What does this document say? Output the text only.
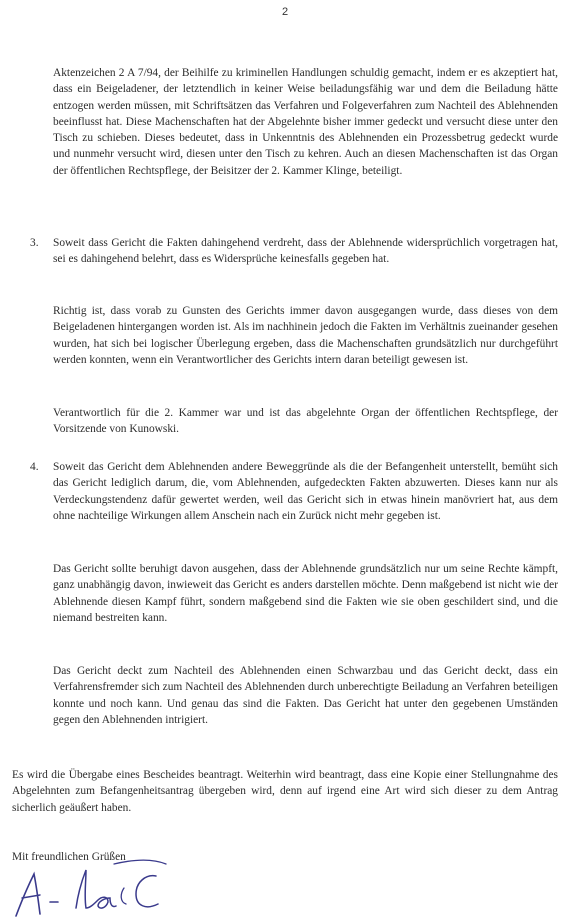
2

Aktenzeichen 2 A 7/94, der Beihilfe zu kriminellen Handlungen schuldig gemacht, indem er es akzeptiert hat, dass ein Beigeladener, der letztendlich in keiner Weise beiladungsfähig war und dem die Beiladung hätte entzogen werden müssen, mit Schriftsätzen das Verfahren und Folgeverfahren zum Nachteil des Ablehnenden beeinflusst hat. Diese Machenschaften hat der Abgelehnte bisher immer gedeckt und versucht diese unter den Tisch zu schieben. Dieses bedeutet, dass in Unkenntnis des Ablehnenden ein Prozessbetrug gedeckt wurde und nunmehr versucht wird, diesen unter den Tisch zu kehren. Auch an diesen Machenschaften ist das Organ der öffentlichen Rechtspflege, der Beisitzer der 2. Kammer Klinge, beteiligt.

3. Soweit dass Gericht die Fakten dahingehend verdreht, dass der Ablehnende widersprüchlich vorgetragen hat, sei es dahingehend belehrt, dass es Widersprüche keinesfalls gegeben hat.

Richtig ist, dass vorab zu Gunsten des Gerichts immer davon ausgegangen wurde, dass dieses von dem Beigeladenen hintergangen worden ist. Als im nachhinein jedoch die Fakten im Verhältnis zueinander gesehen wurden, hat sich bei logischer Überlegung ergeben, dass die Machenschaften grundsätzlich nur durchgeführt werden konnten, wenn ein Verantwortlicher des Gerichts intern daran beteiligt gewesen ist.

Verantwortlich für die 2. Kammer war und ist das abgelehnte Organ der öffentlichen Rechtspflege, der Vorsitzende von Kunowski.

4. Soweit das Gericht dem Ablehnenden andere Beweggründe als die der Befangenheit unterstellt, bemüht sich das Gericht lediglich darum, die, vom Ablehnenden, aufgedeckten Fakten abzuwerten. Dieses kann nur als Verdeckungstendenz dafür gewertet werden, weil das Gericht sich in etwas hinein manövriert hat, aus dem ohne nachteilige Wirkungen allem Anschein nach ein Zurück nicht mehr gegeben ist.

Das Gericht sollte beruhigt davon ausgehen, dass der Ablehnende grundsätzlich nur um seine Rechte kämpft, ganz unabhängig davon, inwieweit das Gericht es anders darstellen möchte. Denn maßgebend ist nicht wie der Ablehnende diesen Kampf führt, sondern maßgebend sind die Fakten wie sie oben geschildert sind, und die niemand bestreiten kann.

Das Gericht deckt zum Nachteil des Ablehnenden einen Schwarzbau und das Gericht deckt, dass ein Verfahrensfremder sich zum Nachteil des Ablehnenden durch unberechtigte Beiladung an Verfahren beteiligen konnte und noch kann. Und genau das sind die Fakten. Das Gericht hat unter den gegebenen Umständen gegen den Ablehnenden intrigiert.

Es wird die Übergabe eines Bescheides beantragt. Weiterhin wird beantragt, dass eine Kopie einer Stellungnahme des Abgelehnten zum Befangenheitsantrag übergeben wird, denn auf irgend eine Art wird sich dieser zu dem Antrag sicherlich geäußert haben.

Mit freundlichen Grüßen
